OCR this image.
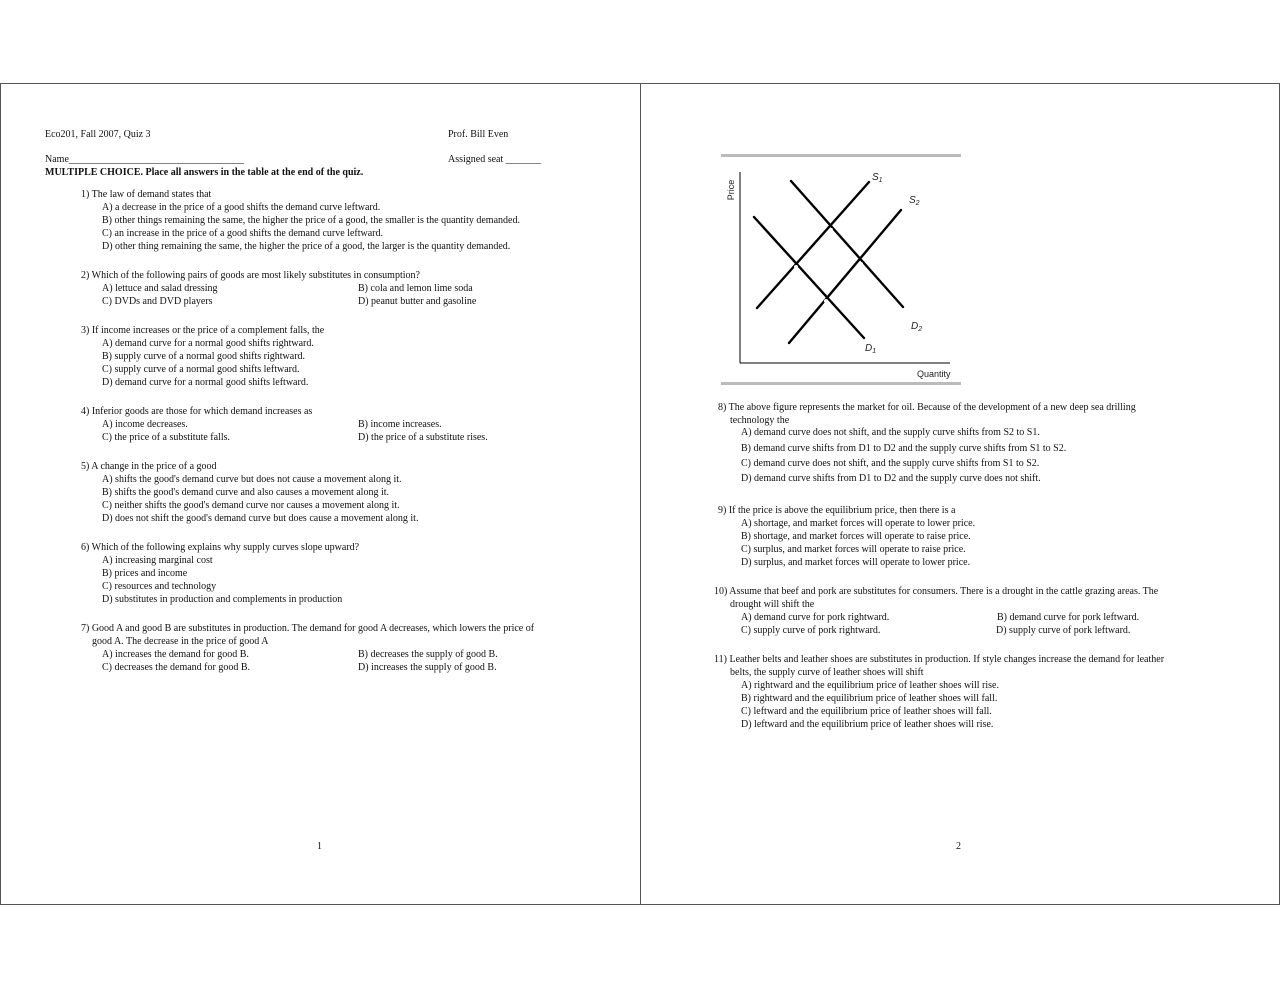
Eco201, Fall 2007, Quiz 3	Prof. Bill Even
Name___________________________________	Assigned seat _______
MULTIPLE CHOICE. Place all answers in the table at the end of the quiz.
1) The law of demand states that
A) a decrease in the price of a good shifts the demand curve leftward.
B) other things remaining the same, the higher the price of a good, the smaller is the quantity demanded.
C) an increase in the price of a good shifts the demand curve leftward.
D) other thing remaining the same, the higher the price of a good, the larger is the quantity demanded.
2) Which of the following pairs of goods are most likely substitutes in consumption?
A) lettuce and salad dressing	B) cola and lemon lime soda
C) DVDs and DVD players	D) peanut butter and gasoline
3) If income increases or the price of a complement falls, the
A) demand curve for a normal good shifts rightward.
B) supply curve of a normal good shifts rightward.
C) supply curve of a normal good shifts leftward.
D) demand curve for a normal good shifts leftward.
4) Inferior goods are those for which demand increases as
A) income decreases.	B) income increases.
C) the price of a substitute falls.	D) the price of a substitute rises.
5) A change in the price of a good
A) shifts the good's demand curve but does not cause a movement along it.
B) shifts the good's demand curve and also causes a movement along it.
C) neither shifts the good's demand curve nor causes a movement along it.
D) does not shift the good's demand curve but does cause a movement along it.
6) Which of the following explains why supply curves slope upward?
A) increasing marginal cost
B) prices and income
C) resources and technology
D) substitutes in production and complements in production
7) Good A and good B are substitutes in production. The demand for good A decreases, which lowers the price of
good A. The decrease in the price of good A
A) increases the demand for good B.	B) decreases the supply of good B.
C) decreases the demand for good B.	D) increases the supply of good B.
1
Price
Quantity
$S_1$
$S_2$
$D_2$
$D_1$
8) The above figure represents the market for oil. Because of the development of a new deep sea drilling
technology the
A) demand curve does not shift, and the supply curve shifts from S2 to S1.
B) demand curve shifts from D1 to D2 and the supply curve shifts from S1 to S2.
C) demand curve does not shift, and the supply curve shifts from S1 to S2.
D) demand curve shifts from D1 to D2 and the supply curve does not shift.
9) If the price is above the equilibrium price, then there is a
A) shortage, and market forces will operate to lower price.
B) shortage, and market forces will operate to raise price.
C) surplus, and market forces will operate to raise price.
D) surplus, and market forces will operate to lower price.
10) Assume that beef and pork are substitutes for consumers. There is a drought in the cattle grazing areas. The
drought will shift the
A) demand curve for pork rightward.	B) demand curve for pork leftward.
C) supply curve of pork rightward.	D) supply curve of pork leftward.
11) Leather belts and leather shoes are substitutes in production. If style changes increase the demand for leather
belts, the supply curve of leather shoes will shift
A) rightward and the equilibrium price of leather shoes will rise.
B) rightward and the equilibrium price of leather shoes will fall.
C) leftward and the equilibrium price of leather shoes will fall.
D) leftward and the equilibrium price of leather shoes will rise.
2
